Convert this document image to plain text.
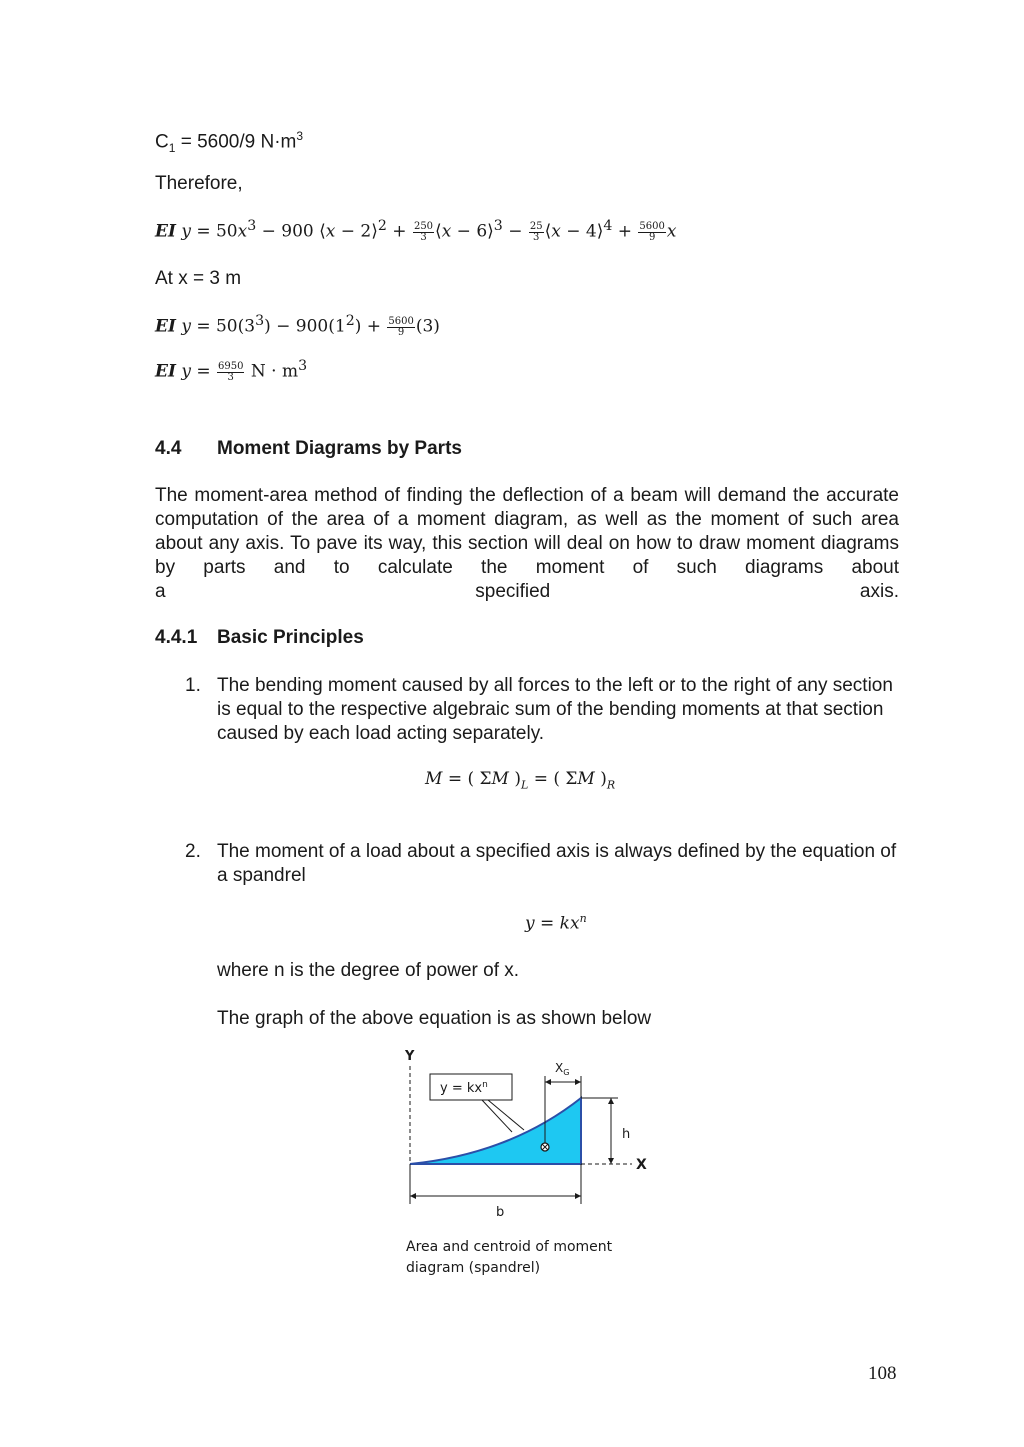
$C_1 = 5600/9$ $N\cdot m^3$
Therefore,
EI $y = 50x^3 - 900$ ⟨x − 2⟩$^2$ + $\frac{250}{3}$ ⟨x − 6⟩$^3$ − $\frac{25}{3}$ ⟨x − 4⟩$^4$ + $\frac{5600}{9}$ x
At x = 3 m
EI $y = 50(3^3) - 900(1^2) + \frac{5600}{9} (3)$
EI $y = \frac{6950}{3}$ $N \cdot m^3$
4.4 Moment Diagrams by Parts
The moment-area method of finding the deflection of a beam will demand the accurate computation of the area of a moment diagram, as well as the moment of such area about any axis. To pave its way, this section will deal on how to draw moment diagrams by parts and to calculate the moment of such diagrams about
a	specified	axis.
4.4.1 Basic Principles
1. The bending moment caused by all forces to the left or to the right of any section is equal to the respective algebraic sum of the bending moments at that section caused by each load acting separately.
M = ( ΣM )$_L$ = ( ΣM )$_R$
2. The moment of a load about a specified axis is always defined by the equation of a spandrel
$y = kx^n$
where n is the degree of power of x.
The graph of the above equation is as shown below
Y
X
$y = kx^n$
$X_G$
h
b
Area and centroid of moment
diagram (spandrel)
108
